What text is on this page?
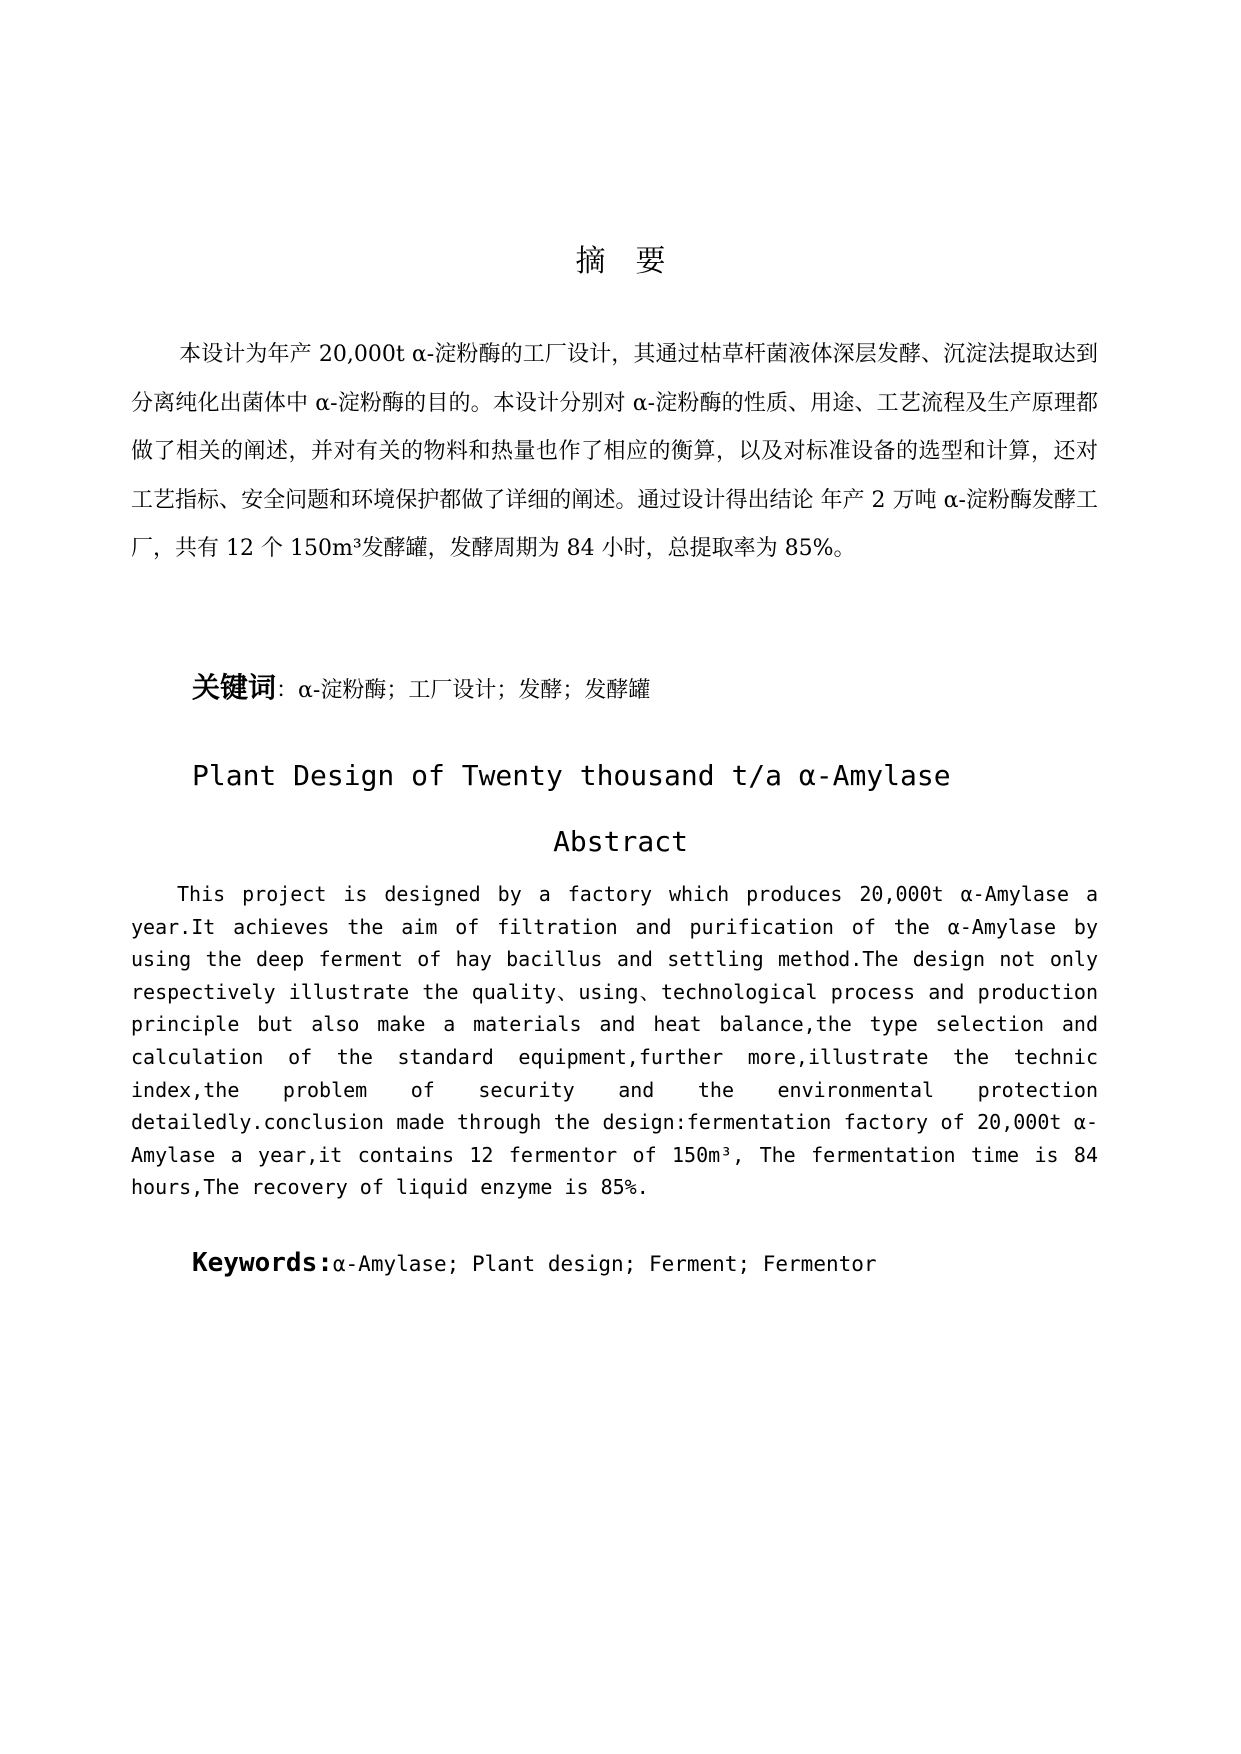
摘要

本设计为年产 20,000t α-淀粉酶的工厂设计，其通过枯草杆菌液体深层发酵、沉淀法提取达到分离纯化出菌体中 α-淀粉酶的目的。本设计分别对 α-淀粉酶的性质、用途、工艺流程及生产原理都做了相关的阐述，并对有关的物料和热量也作了相应的衡算，以及对标准设备的选型和计算，还对工艺指标、安全问题和环境保护都做了详细的阐述。通过设计得出结论 年产 2 万吨 α-淀粉酶发酵工厂，共有 12 个 150m³发酵罐，发酵周期为 84 小时，总提取率为 85%。

关键词：α-淀粉酶；工厂设计；发酵；发酵罐
Plant Design of Twenty thousand t/a α-Amylase
Abstract

This project is designed by a factory which produces 20,000t α-Amylase a year.It achieves the aim of filtration and purification of the α-Amylase by using the deep ferment of hay bacillus and settling method.The design not only respectively illustrate the quality、using、technological process and production principle but also make a materials and heat balance,the type selection and calculation of the standard equipment,further more,illustrate the technic index,the problem of security and the environmental protection detailedly.conclusion made through the design:fermentation factory of 20,000t α-Amylase a year,it contains 12 fermentor of 150m³, The fermentation time is 84 hours,The recovery of liquid enzyme is 85%.

Keywords:α-Amylase; Plant design; Ferment; Fermentor
